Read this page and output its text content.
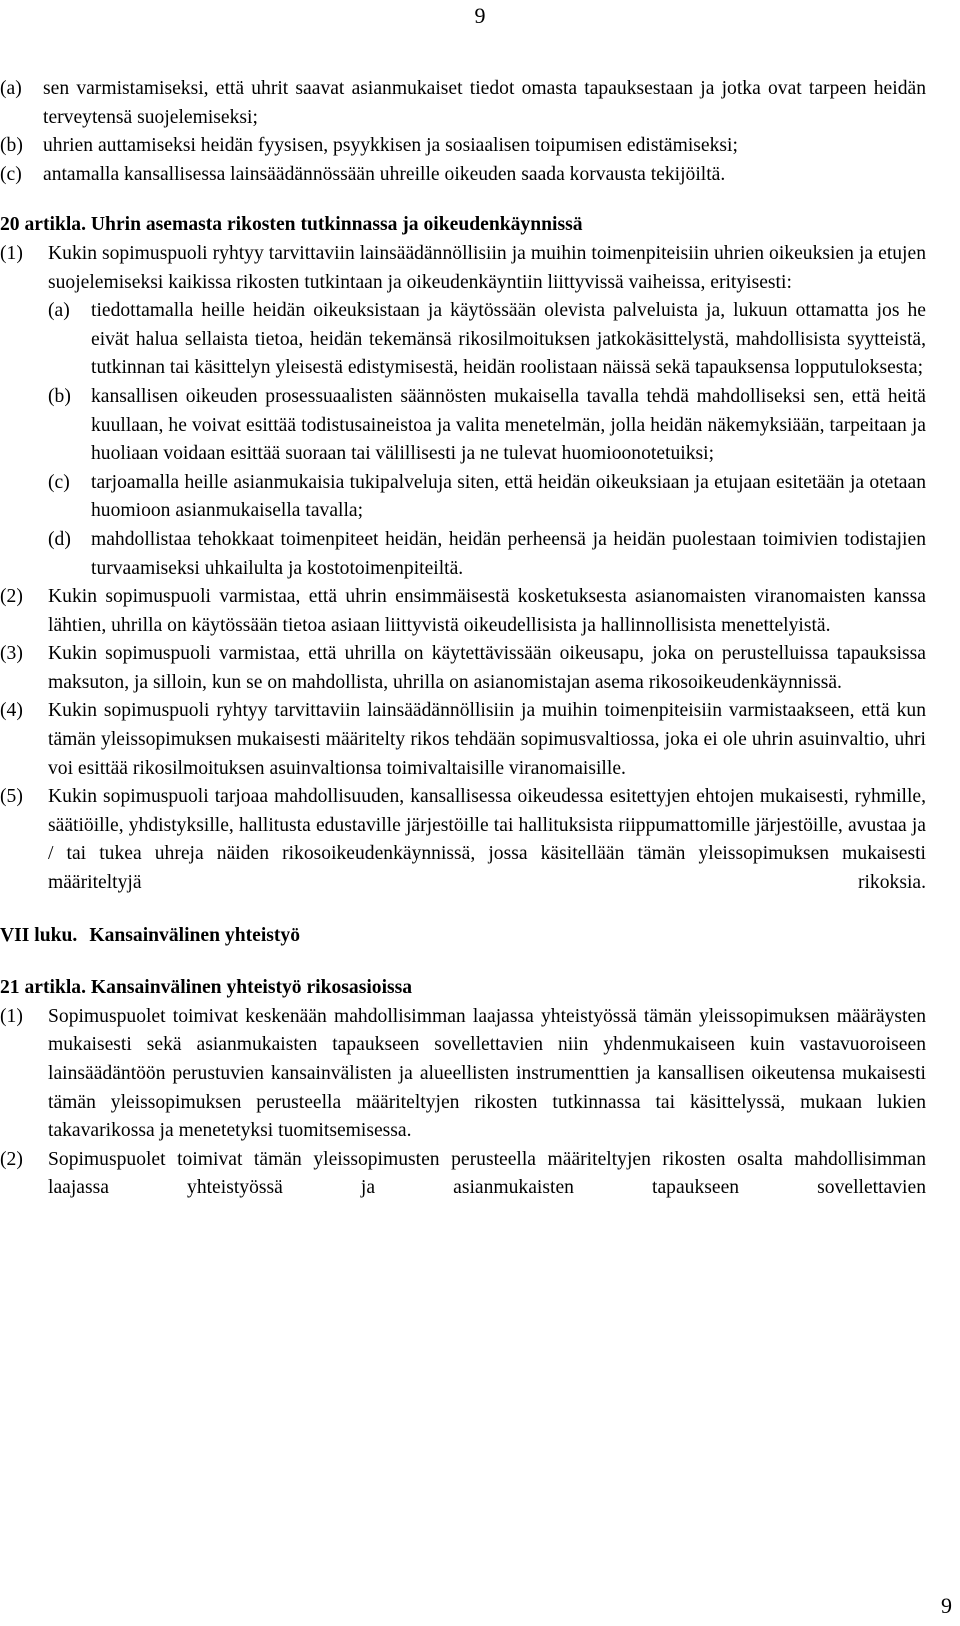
9
(a)	sen varmistamiseksi, että uhrit saavat asianmukaiset tiedot omasta tapauksestaan ja jotka ovat tarpeen heidän terveytensä suojelemiseksi;
(b)	uhrien auttamiseksi heidän fyysisen, psyykkisen ja sosiaalisen toipumisen edistämiseksi;
(c)	antamalla kansallisessa lainsäädännössään uhreille oikeuden saada korvausta tekijöiltä.
20 artikla. Uhrin asemasta rikosten tutkinnassa ja oikeudenkäynnissä
(1)	Kukin sopimuspuoli ryhtyy tarvittaviin lainsäädännöllisiin ja muihin toimenpiteisiin uhrien oikeuksien ja etujen suojelemiseksi kaikissa rikosten tutkintaan ja oikeudenkäyntiin liittyvissä vaiheissa, erityisesti:
(a)	tiedottamalla heille heidän oikeuksistaan ja käytössään olevista palveluista ja, lukuun ottamatta jos he eivät halua sellaista tietoa, heidän tekemänsä rikosilmoituksen jatkokäsittelystä, mahdollisista syytteistä, tutkinnan tai käsittelyn yleisestä edistymisestä, heidän roolistaan näissä sekä tapauksensa lopputuloksesta;
(b)	kansallisen oikeuden prosessuaalisten säännösten mukaisella tavalla tehdä mahdolliseksi sen, että heitä kuullaan, he voivat esittää todistusaineistoa ja valita menetelmän, jolla heidän näkemyksiään, tarpeitaan ja huoliaan voidaan esittää suoraan tai välillisesti ja ne tulevat huomioonotetuiksi;
(c)	tarjoamalla heille asianmukaisia tukipalveluja siten, että heidän oikeuksiaan ja etujaan esitetään ja otetaan huomioon asianmukaisella tavalla;
(d)	mahdollistaa tehokkaat toimenpiteet heidän, heidän perheensä ja heidän puolestaan toimivien todistajien turvaamiseksi uhkailulta ja kostotoimenpiteiltä.
(2)	Kukin sopimuspuoli varmistaa, että uhrin ensimmäisestä kosketuksesta asianomaisten viranomaisten kanssa lähtien, uhrilla on käytössään tietoa asiaan liittyvistä oikeudellisista ja hallinnollisista menettelyistä.
(3)	Kukin sopimuspuoli varmistaa, että uhrilla on käytettävissään oikeusapu, joka on perustelluissa tapauksissa maksuton, ja silloin, kun se on mahdollista, uhrilla on asianomistajan asema rikosoikeudenkäynnissä.
(4)	Kukin sopimuspuoli ryhtyy tarvittaviin lainsäädännöllisiin ja muihin toimenpiteisiin varmistaakseen, että kun tämän yleissopimuksen mukaisesti määritelty rikos tehdään sopimusvaltiossa, joka ei ole uhrin asuinvaltio, uhri voi esittää rikosilmoituksen asuinvaltionsa toimivaltaisille viranomaisille.
(5)	Kukin sopimuspuoli tarjoaa mahdollisuuden, kansallisessa oikeudessa esitettyjen ehtojen mukaisesti, ryhmille, säätiöille, yhdistyksille, hallitusta edustaville järjestöille tai hallituksista riippumattomille järjestöille, avustaa ja / tai tukea uhreja näiden rikosoikeudenkäynnissä, jossa käsitellään tämän yleissopimuksen mukaisesti määriteltyjä rikoksia.
VII luku. Kansainvälinen yhteistyö
21 artikla. Kansainvälinen yhteistyö rikosasioissa
(1)	Sopimuspuolet toimivat keskenään mahdollisimman laajassa yhteistyössä tämän yleissopimuksen määräysten mukaisesti sekä asianmukaisten tapaukseen sovellettavien niin yhdenmukaiseen kuin vastavuoroiseen lainsäädäntöön perustuvien kansainvälisten ja alueellisten instrumenttien ja kansallisen oikeutensa mukaisesti tämän yleissopimuksen perusteella määriteltyjen rikosten tutkinnassa tai käsittelyssä, mukaan lukien takavarikossa ja menetetyksi tuomitsemisessa.
(2)	Sopimuspuolet toimivat tämän yleissopimusten perusteella määriteltyjen rikosten osalta mahdollisimman laajassa yhteistyössä ja asianmukaisten tapaukseen sovellettavien
9
